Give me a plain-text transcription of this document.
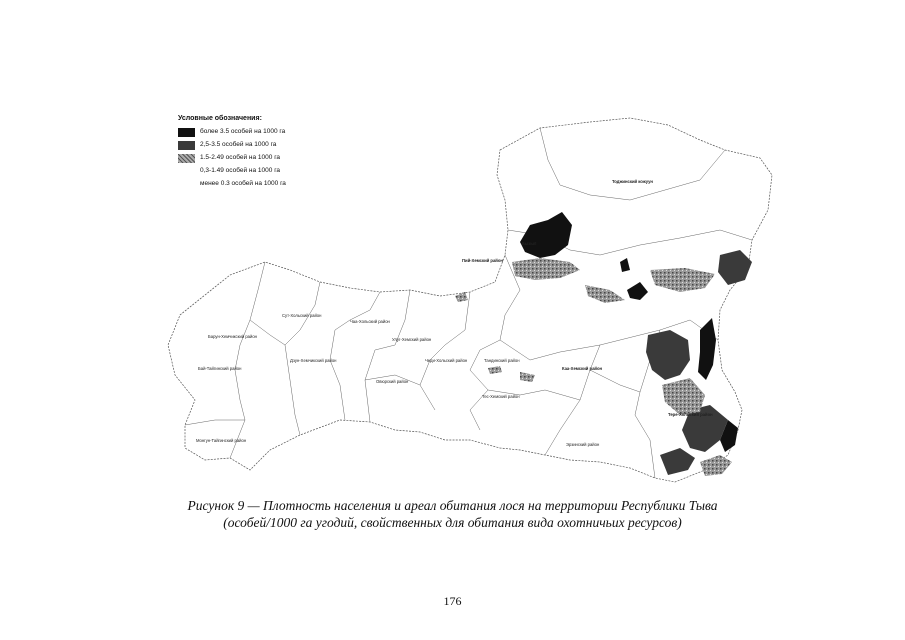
Тоджинский кожуун
Пий-Хемский район
Сут-Хольский район
Чаа-Хольский район
Барун-Хемчикский район
Улуг-Хемский район
Дзун-Хемчикский район
Бай-Тайгинский район
Овюрский район
Чеди-Хольский район	Тандинский район
Каа-Хемский район
Тес-Хемский район
Монгун-Тайгинский район
Эрзинский район
Тере-Хольский район
Кызыл
Условные обозначения:
более 3.5 особей на 1000 га
2,5-3.5 особей на 1000 га
1.5-2.49 особей на 1000 га
0,3-1.49 особей на 1000 га
менее 0.3 особей на 1000 га
Рисунок 9 — Плотность населения и ареал обитания лося на территории Республики Тыва
(особей/1000 га угодий, свойственных для обитания вида охотничьих ресурсов)
176
